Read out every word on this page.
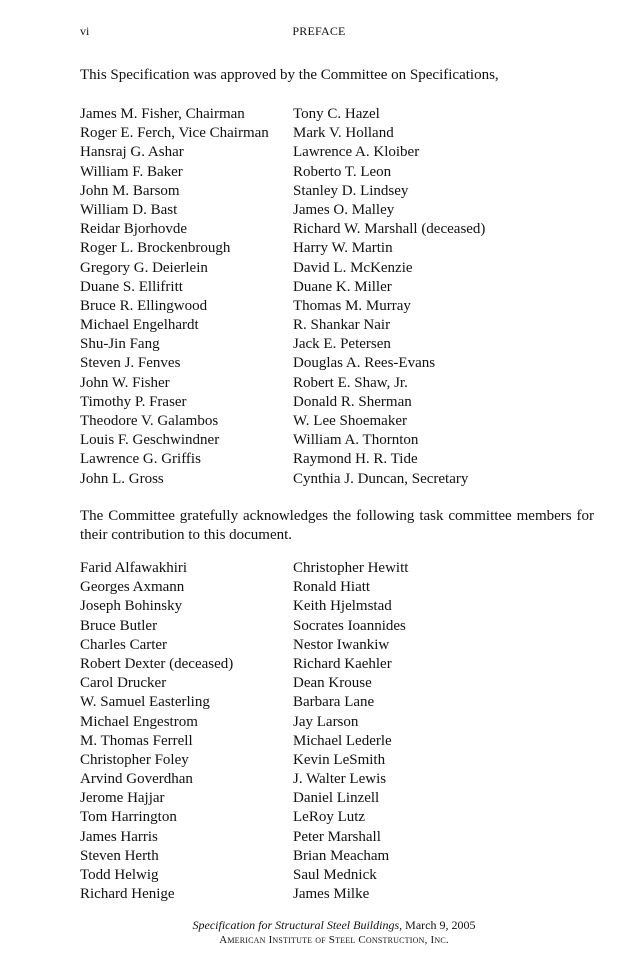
vi	PREFACE

This Specification was approved by the Committee on Specifications,

James M. Fisher, Chairman
Roger E. Ferch, Vice Chairman
Hansraj G. Ashar
William F. Baker
John M. Barsom
William D. Bast
Reidar Bjorhovde
Roger L. Brockenbrough
Gregory G. Deierlein
Duane S. Ellifritt
Bruce R. Ellingwood
Michael Engelhardt
Shu-Jin Fang
Steven J. Fenves
John W. Fisher
Timothy P. Fraser
Theodore V. Galambos
Louis F. Geschwindner
Lawrence G. Griffis
John L. Gross
Tony C. Hazel
Mark V. Holland
Lawrence A. Kloiber
Roberto T. Leon
Stanley D. Lindsey
James O. Malley
Richard W. Marshall (deceased)
Harry W. Martin
David L. McKenzie
Duane K. Miller
Thomas M. Murray
R. Shankar Nair
Jack E. Petersen
Douglas A. Rees-Evans
Robert E. Shaw, Jr.
Donald R. Sherman
W. Lee Shoemaker
William A. Thornton
Raymond H. R. Tide
Cynthia J. Duncan, Secretary

The Committee gratefully acknowledges the following task committee members for their contribution to this document.

Farid Alfawakhiri
Georges Axmann
Joseph Bohinsky
Bruce Butler
Charles Carter
Robert Dexter (deceased)
Carol Drucker
W. Samuel Easterling
Michael Engestrom
M. Thomas Ferrell
Christopher Foley
Arvind Goverdhan
Jerome Hajjar
Tom Harrington
James Harris
Steven Herth
Todd Helwig
Richard Henige
Christopher Hewitt
Ronald Hiatt
Keith Hjelmstad
Socrates Ioannides
Nestor Iwankiw
Richard Kaehler
Dean Krouse
Barbara Lane
Jay Larson
Michael Lederle
Kevin LeSmith
J. Walter Lewis
Daniel Linzell
LeRoy Lutz
Peter Marshall
Brian Meacham
Saul Mednick
James Milke
Specification for Structural Steel Buildings, March 9, 2005
American Institute of Steel Construction, Inc.
